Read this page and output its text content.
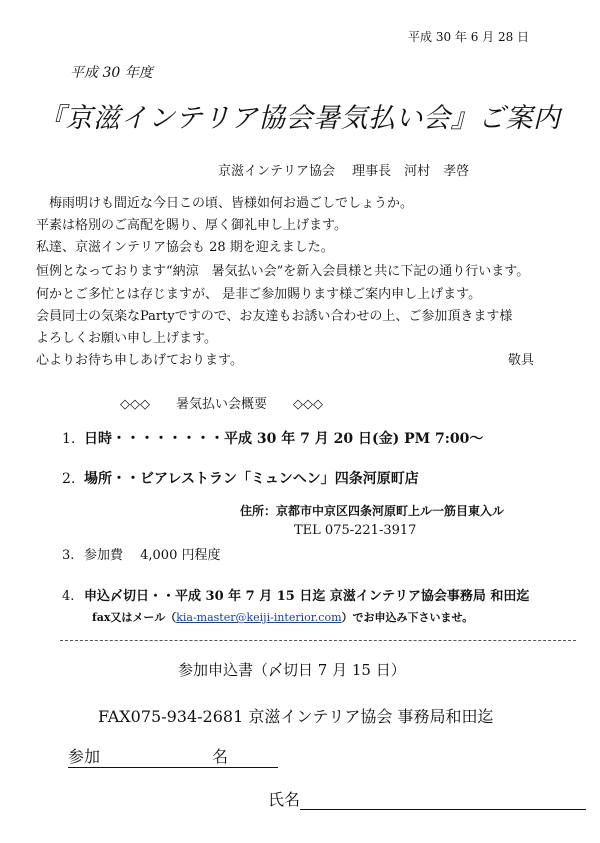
平成 30 年 6 月 28 日
平成 30 年度
『京滋インテリア協会暑気払い会』ご案内
京滋インテリア協会　 理事長　河村　孝啓
　梅雨明けも間近な今日この頃、皆様如何お過ごしでしょうか。
平素は格別のご高配を賜り、厚く御礼申し上げます。
私達、京滋インテリア協会も 28 期を迎えました。
恒例となっております“納涼　暑気払い会”を新入会員様と共に下記の通り行います。
何かとご多忙とは存じますが、 是非ご参加賜ります様ご案内申し上げます。
会員同士の気楽なPartyですので、お友達もお誘い合わせの上、ご参加頂きます様
よろしくお願い申し上げます。
心よりお待ち申しあげております。	敬具
◇◇◇　　暑気払い会概要　　◇◇◇
1. 日時・・・・・・・・平成 30 年 7 月 20 日(金) PM 7:00～
2. 場所・・ビアレストラン「ミュンヘン」四条河原町店
住所：京都市中京区四条河原町上ル一筋目東入ル
TEL 075-221-3917
3. 参加費　 4,000 円程度
4. 申込〆切日・・平成 30 年 7 月 15 日迄 京滋インテリア協会事務局 和田迄
fax又はメール（kia-master@keiji-interior.com）でお申込み下さいませ。
参加申込書（〆切日 7 月 15 日）
FAX075-934-2681 京滋インテリア協会 事務局和田迄
参加　　　　　　　名
氏名
